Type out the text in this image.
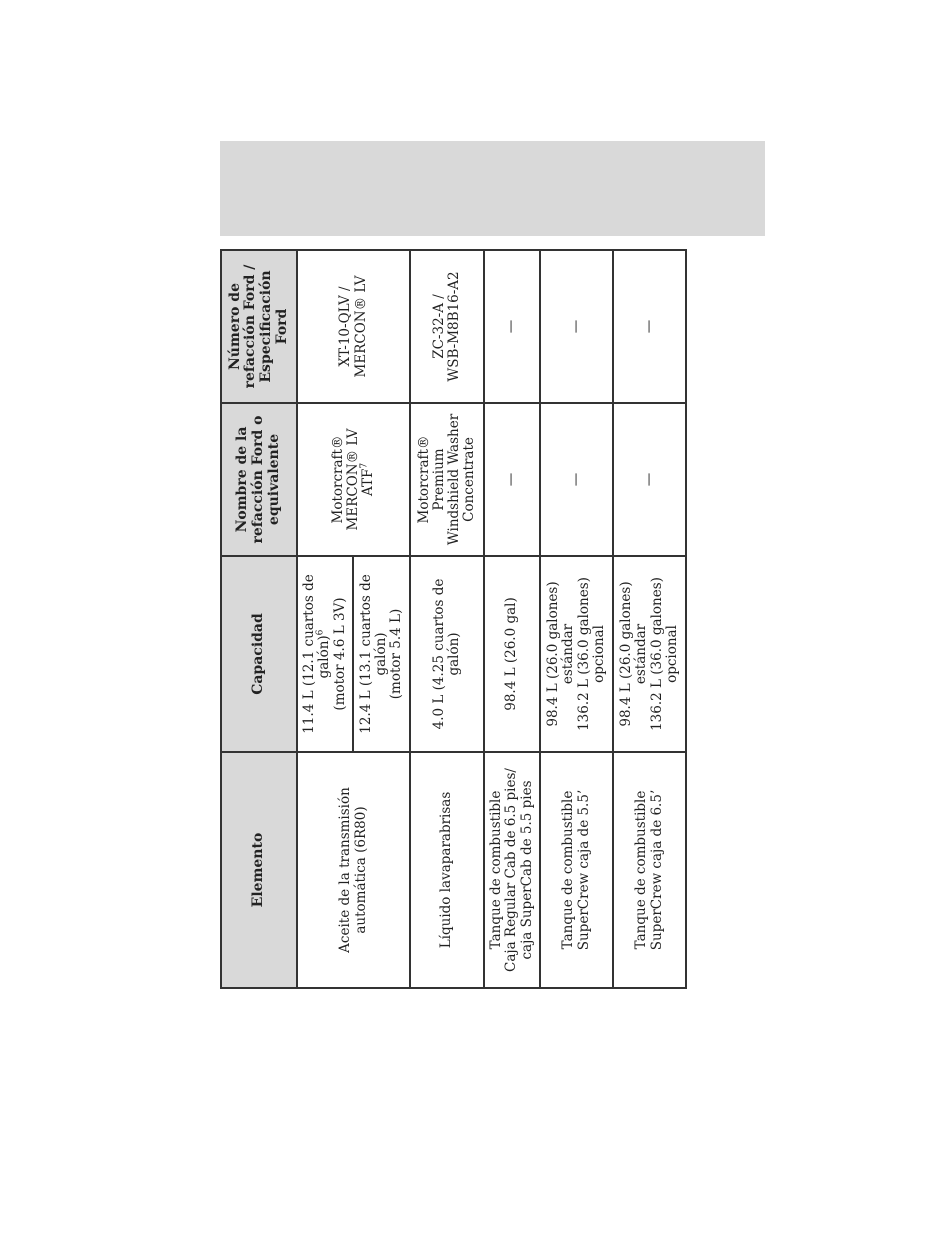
Elemento	Capacidad	Nombre de la refacción Ford o equivalente	Número de refacción Ford / Especificación Ford

Aceite de la transmisión automática (6R80)	11.4 L (12.1 cuartos de galón)$^6$ (motor 4.6 L 3V)	Motorcraft® MERCON® LV ATF$^7$	XT-10-QLV / MERCON® LV

	12.4 L (13.1 cuartos de galón) (motor 5.4 L)		

Líquido lavaparabrisas	4.0 L (4.25 cuartos de galón)	Motorcraft® Premium Windshield Washer Concentrate	ZC-32-A / WSB-M8B16-A2

Tanque de combustible Caja Regular Cab de 6.5 pies/ caja SuperCab de 5.5 pies	98.4 L (26.0 gal)	—	—

Tanque de combustible SuperCrew caja de 5.5’	98.4 L (26.0 galones) estándar 136.2 L (36.0 galones) opcional	—	—

Tanque de combustible SuperCrew caja de 6.5’	98.4 L (26.0 galones) estándar 136.2 L (36.0 galones) opcional	—	—
